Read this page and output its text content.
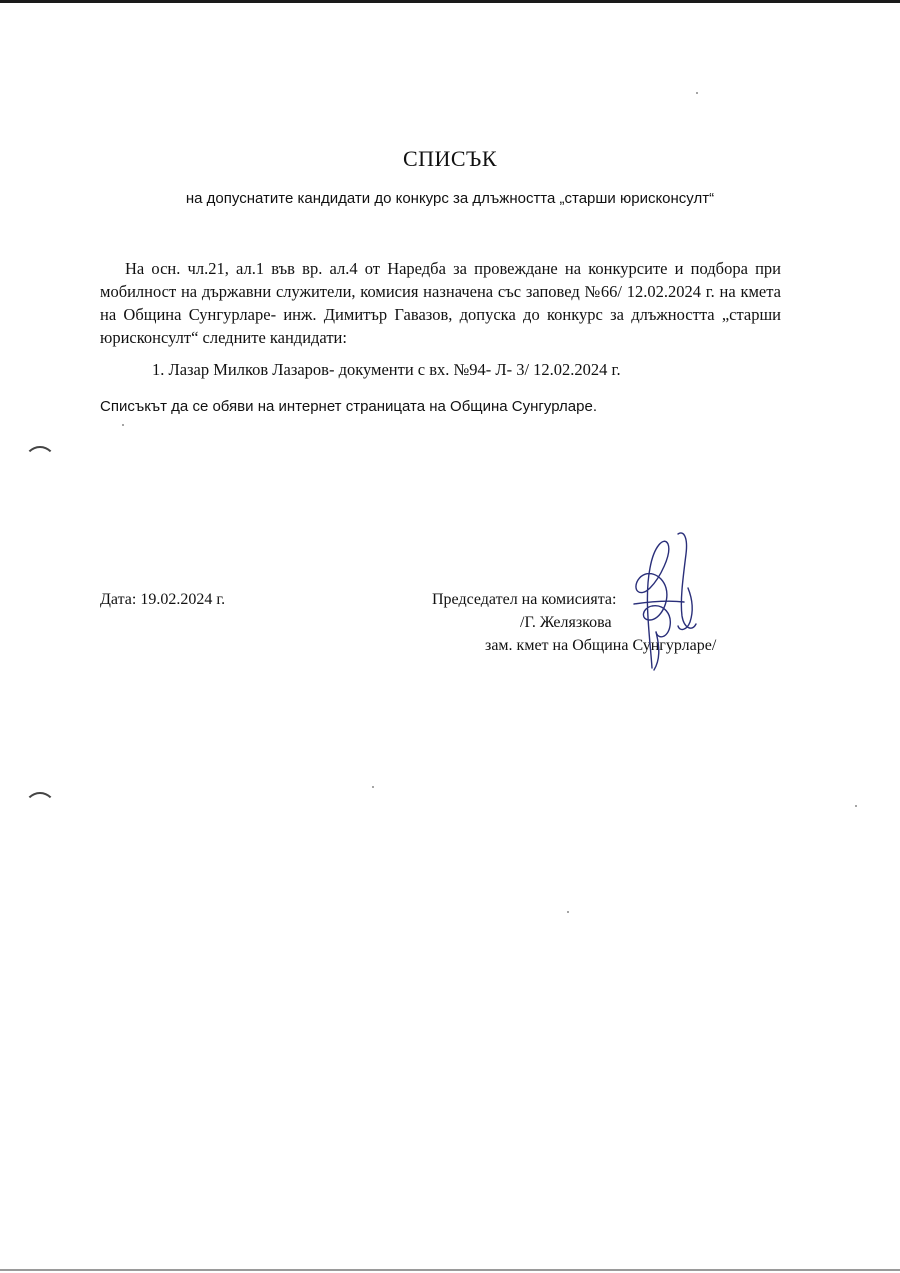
СПИСЪК
на допуснатите кандидати до конкурс за длъжността „старши юрисконсулт“

На осн. чл.21, ал.1 във вр. ал.4 от Наредба за провеждане на конкурсите и подбора при мобилност на държавни служители, комисия назначена със заповед №66/ 12.02.2024 г. на кмета на Община Сунгурларе- инж. Димитър Гавазов, допуска до конкурс за длъжността „старши юрисконсулт“ следните кандидати:

1. Лазар Милков Лазаров- документи с вх. №94- Л- 3/ 12.02.2024 г.
Списъкът да се обяви на интернет страницата на Община Сунгурларе.
Дата: 19.02.2024 г.	Председател на комисията:
/Г. Желязкова
зам. кмет на Община Сунгурларе/
